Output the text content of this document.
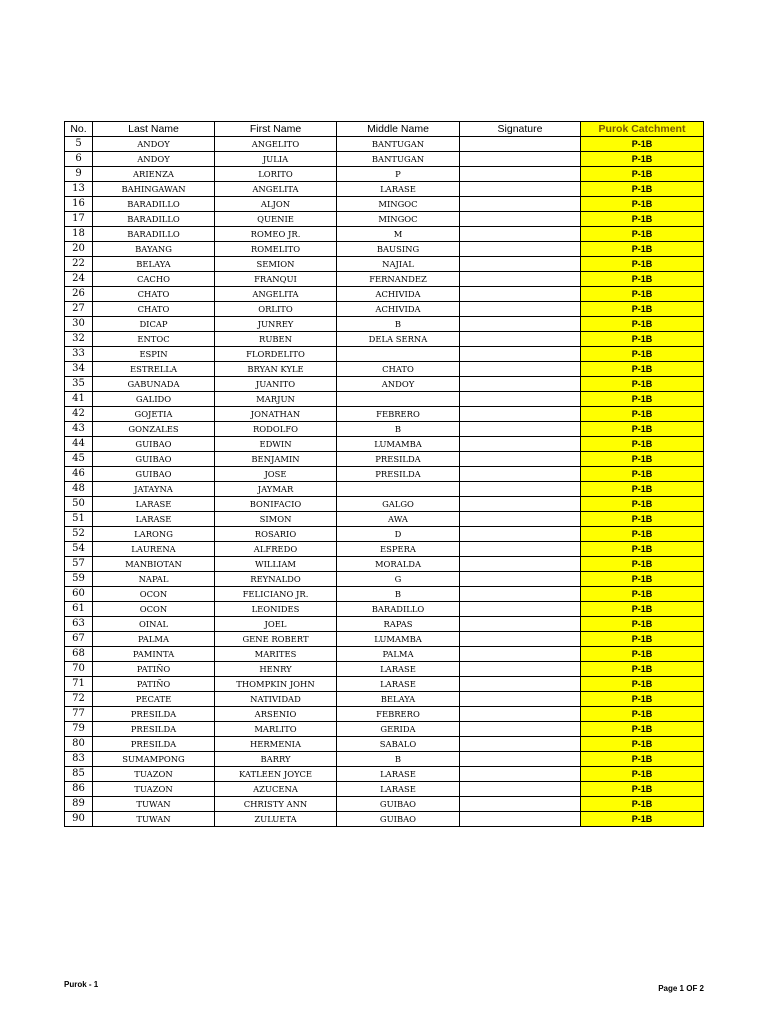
No.	Last Name	First Name	Middle Name	Signature	Purok Catchment
5	ANDOY	ANGELITO	BANTUGAN		P-1B
6	ANDOY	JULIA	BANTUGAN		P-1B
9	ARIENZA	LORITO	P		P-1B
13	BAHINGAWAN	ANGELITA	LARASE		P-1B
16	BARADILLO	ALJON	MINGOC		P-1B
17	BARADILLO	QUENIE	MINGOC		P-1B
18	BARADILLO	ROMEO JR.	M		P-1B
20	BAYANG	ROMELITO	BAUSING		P-1B
22	BELAYA	SEMION	NAJIAL		P-1B
24	CACHO	FRANQUI	FERNANDEZ		P-1B
26	CHATO	ANGELITA	ACHIVIDA		P-1B
27	CHATO	ORLITO	ACHIVIDA		P-1B
30	DICAP	JUNREY	B		P-1B
32	ENTOC	RUBEN	DELA SERNA		P-1B
33	ESPIN	FLORDELITO			P-1B
34	ESTRELLA	BRYAN KYLE	CHATO		P-1B
35	GABUNADA	JUANITO	ANDOY		P-1B
41	GALIDO	MARJUN			P-1B
42	GOJETIA	JONATHAN	FEBRERO		P-1B
43	GONZALES	RODOLFO	B		P-1B
44	GUIBAO	EDWIN	LUMAMBA		P-1B
45	GUIBAO	BENJAMIN	PRESILDA		P-1B
46	GUIBAO	JOSE	PRESILDA		P-1B
48	JATAYNA	JAYMAR			P-1B
50	LARASE	BONIFACIO	GALGO		P-1B
51	LARASE	SIMON	AWA		P-1B
52	LARONG	ROSARIO	D		P-1B
54	LAURENA	ALFREDO	ESPERA		P-1B
57	MANBIOTAN	WILLIAM	MORALDA		P-1B
59	NAPAL	REYNALDO	G		P-1B
60	OCON	FELICIANO JR.	B		P-1B
61	OCON	LEONIDES	BARADILLO		P-1B
63	OINAL	JOEL	RAPAS		P-1B
67	PALMA	GENE ROBERT	LUMAMBA		P-1B
68	PAMINTA	MARITES	PALMA		P-1B
70	PATIÑO	HENRY	LARASE		P-1B
71	PATIÑO	THOMPKIN JOHN	LARASE		P-1B
72	PECATE	NATIVIDAD	BELAYA		P-1B
77	PRESILDA	ARSENIO	FEBRERO		P-1B
79	PRESILDA	MARLITO	GERIDA		P-1B
80	PRESILDA	HERMENIA	SABALO		P-1B
83	SUMAMPONG	BARRY	B		P-1B
85	TUAZON	KATLEEN JOYCE	LARASE		P-1B
86	TUAZON	AZUCENA	LARASE		P-1B
89	TUWAN	CHRISTY ANN	GUIBAO		P-1B
90	TUWAN	ZULUETA	GUIBAO		P-1B
Purok - 1	Page 1 OF 2
